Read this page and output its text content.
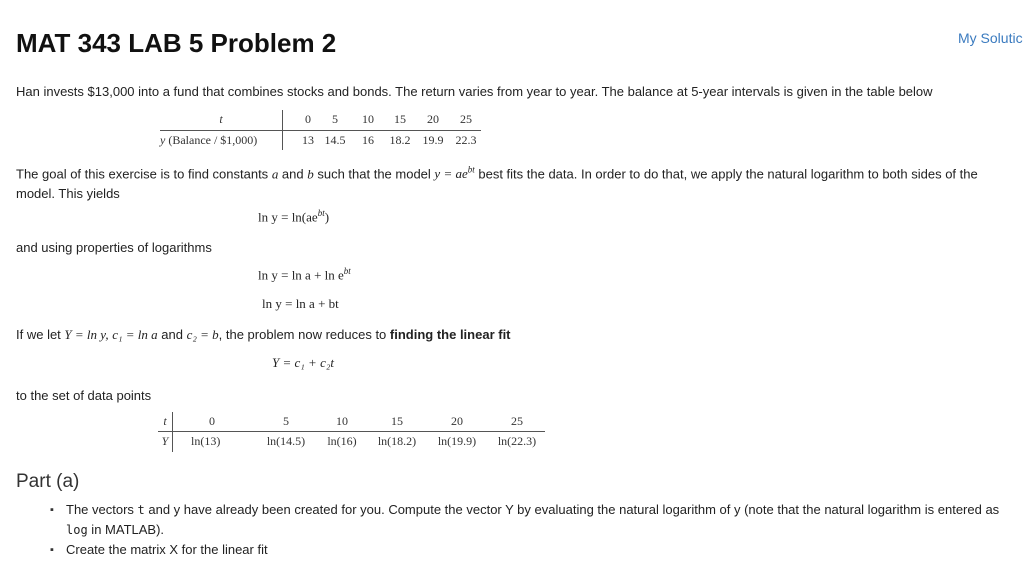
MAT 343 LAB 5 Problem 2	My Solutic
Han invests $13,000 into a fund that combines stocks and bonds. The return varies from year to year. The balance at 5-year intervals is given in the table below
t		0	5	10	15	20	25
y (Balance / $1,000)		13	14.5	16	18.2	19.9	22.3
The goal of this exercise is to find constants a and b such that the model $y = ae^{bt}$ best fits the data. In order to do that, we apply the natural logarithm to both sides of the model. This yields
$\ln y = \ln(ae^{bt})$
and using properties of logarithms
$\ln y = \ln a + \ln e^{bt}$
ln y = ln a + bt
If we let Y = ln y, c₁ = ln a and c₂ = b, the problem now reduces to finding the linear fit
Y = c₁ + c₂t
to the set of data points
t		0	5	10	15	20	25
Y		ln(13)	ln(14.5)	ln(16)	ln(18.2)	ln(19.9)	ln(22.3)
Part (a)
▪ The vectors t and y have already been created for you. Compute the vector Y by evaluating the natural logarithm of y (note that the natural logarithm is entered as log in MATLAB).
▪ Create the matrix X for the linear fit
